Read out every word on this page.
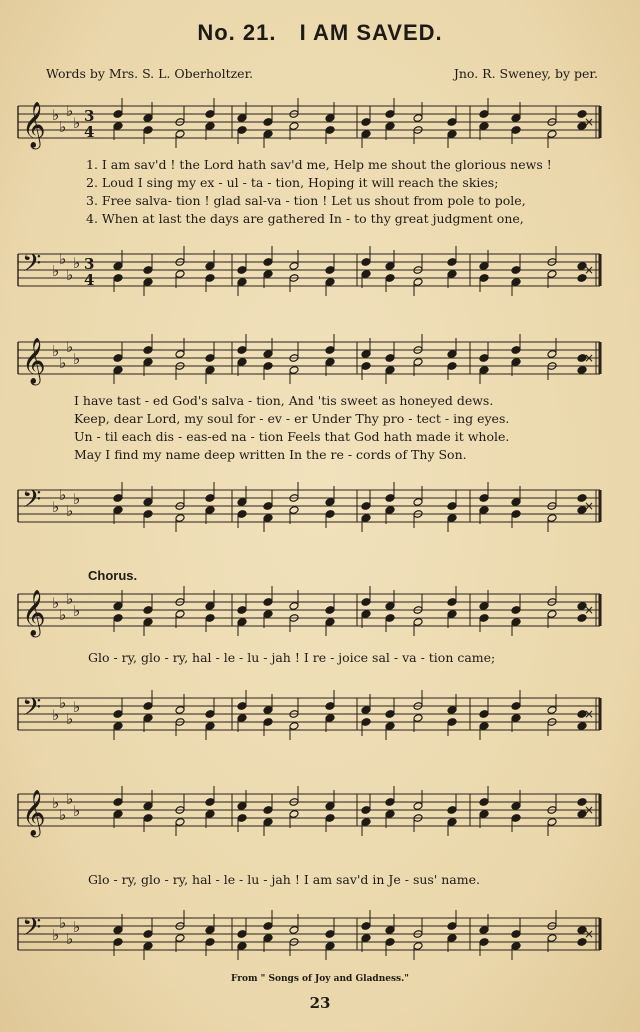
No. 21. I AM SAVED.
Words by Mrs. S. L. Oberholtzer.	Jno. R. Sweney, by per.
𝄞 ♭
♭
♭
♭ 3
4
×
1. I am sav'd ! the Lord hath sav'd me, Help me shout the glorious news !
2. Loud I sing my ex - ul - ta - tion, Hoping it will reach the skies;
3. Free salva- tion ! glad sal-va - tion ! Let us shout from pole to pole,
4. When at last the days are gathered In - to thy great judgment one,
𝄢 ♭
♭
♭
♭ 3
4
×
𝄞 ♭
♭
♭
♭	×
I have tast - ed God's salva - tion, And 'tis sweet as honeyed dews.
Keep, dear Lord, my soul for - ev - er Under Thy pro - tect - ing eyes.
Un - til each dis - eas-ed na - tion Feels that God hath made it whole.
May I find my name deep written In the re - cords of Thy Son.
𝄢 ♭
♭
♭
♭	×
Chorus.
𝄞 ♭
♭
♭
♭	×
Glo - ry, glo - ry, hal - le - lu - jah ! I re - joice sal - va - tion came;
𝄢 ♭
♭
♭
♭	×
𝄞 ♭
♭
♭
♭	×
Glo - ry, glo - ry, hal - le - lu - jah ! I am sav'd in Je - sus' name.
𝄢 ♭
♭
♭
♭	×
From " Songs of Joy and Gladness."
23
